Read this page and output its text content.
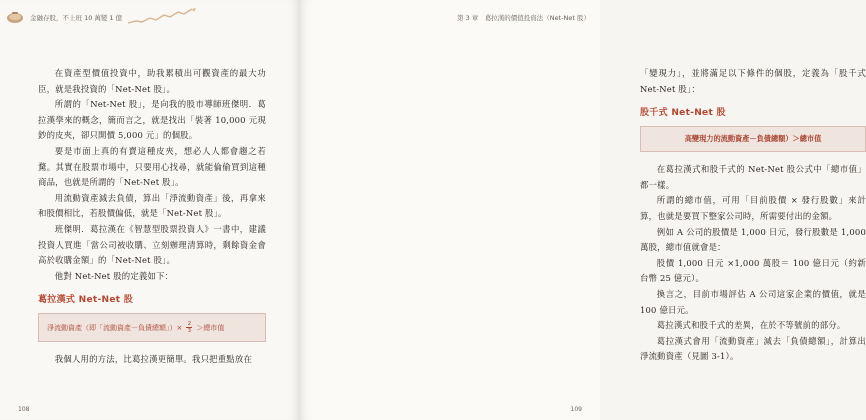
金融存股，不上班 10 萬變 1 億

在資產型價值投資中，助我累積出可觀資產的最大功臣，就是我投資的「Net-Net 股」。

所謂的「Net-Net 股」，是向我的股市導師班傑明．葛拉漢學來的概念，簡而言之，就是找出「裝著 10,000 元現鈔的皮夾，卻只開價 5,000 元」的個股。

要是市面上真的有賣這種皮夾，想必人人都會趨之若騖。其實在股票市場中，只要用心找尋，就能倫偷買到這種商品，也就是所謂的「Net-Net 股」。

用流動資產減去負債，算出「淨流動資產」後，再拿來和股價相比，若股價偏低，就是「Net-Net 股」。

班傑明．葛拉漢在《智慧型股票投資人》一書中，建議投資人買進「當公司被收購、立刻辦理清算時，剩餘資金會高於收購金額」的「Net-Net 股」。

他對 Net-Net 股的定義如下：

葛拉漢式 Net-Net 股
淨流動資產（即「流動資產－負債總額」）× $\frac{2}{3}$ ＞總市值

我個人用的方法，比葛拉漢更簡單。我只把重點放在

108
第 3 章　葛拉漢的價值投資法（Net-Net 股）

「變現力」，並將滿足以下條件的個股，定義為「股千式 Net-Net 股」：

股千式 Net-Net 股
高變現力的流動資產－負債總額）＞總市值

在葛拉漢式和股千式的 Net-Net 股公式中「總市值」都一樣。

所謂的總市值，可用「目前股價 × 發行股數」來計算，也就是要買下整家公司時，所需要付出的金額。

例如 A 公司的股價是 1,000 日元，發行股數是 1,000 萬股，總市值就會是：

股價 1,000 日元 ×1,000 萬股＝ 100 億日元（約新台幣 25 億元）。

換言之，目前市場評估 A 公司這家企業的價值，就是 100 億日元。

葛拉漢式和股千式的差異，在於不等號前的部分。

葛拉漢式會用「流動資產」減去「負債總額」，計算出淨流動資產（見圖 3-1）。

109
